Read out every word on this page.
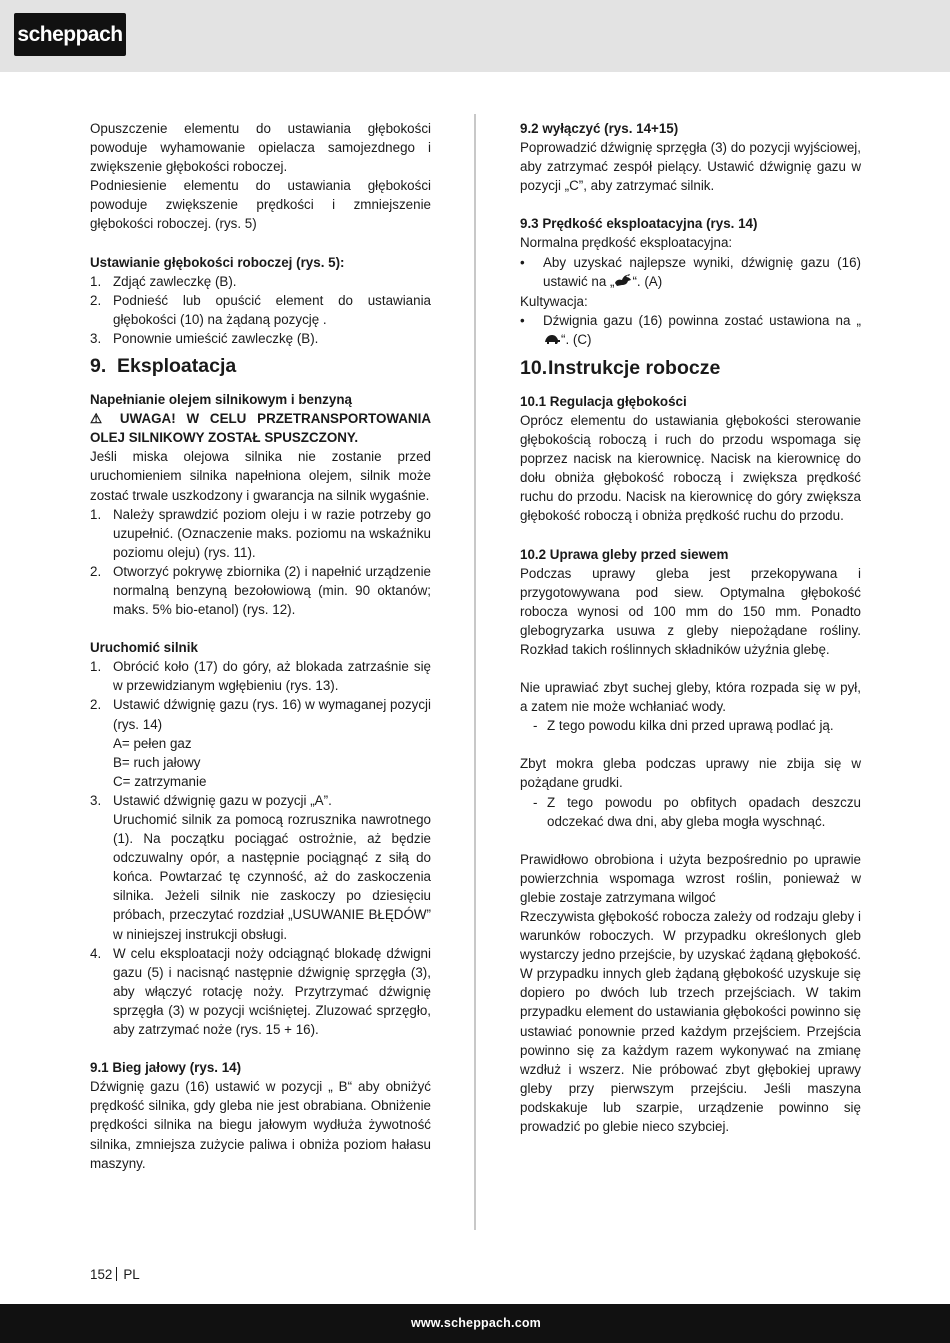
scheppach

Opuszczenie elementu do ustawiania głębokości powoduje wyhamowanie opielacza samojezdnego i zwiększenie głębokości roboczej.

Podniesienie elementu do ustawiania głębokości powoduje zwiększenie prędkości i zmniejszenie głębokości roboczej. (rys. 5)

Ustawianie głębokości roboczej (rys. 5):

1. Zdjąć zawleczkę (B).
2. Podnieść lub opuścić element do ustawiania głębokości (10) na żądaną pozycję .
3. Ponownie umieścić zawleczkę (B).
9. Eksploatacja

Napełnianie olejem silnikowym i benzyną

⚠ UWAGA! W CELU PRZETRANSPORTOWANIA OLEJ SILNIKOWY ZOSTAŁ SPUSZCZONY.

Jeśli miska olejowa silnika nie zostanie przed uruchomieniem silnika napełniona olejem, silnik może zostać trwale uszkodzony i gwarancja na silnik wygaśnie.

1. Należy sprawdzić poziom oleju i w razie potrzeby go uzupełnić. (Oznaczenie maks. poziomu na wskaźniku poziomu oleju) (rys. 11).
2. Otworzyć pokrywę zbiornika (2) i napełnić urządzenie normalną benzyną bezołowiową (min. 90 oktanów; maks. 5% bio-etanol) (rys. 12).

Uruchomić silnik

1. Obrócić koło (17) do góry, aż blokada zatrzaśnie się w przewidzianym wgłębieniu (rys. 13).
2. Ustawić dźwignię gazu (rys. 16) w wymaganej pozycji (rys. 14)
A= pełen gaz
B= ruch jałowy
C= zatrzymanie
3. Ustawić dźwignię gazu w pozycji „A”.
Uruchomić silnik za pomocą rozrusznika nawrotnego (1). Na początku pociągać ostrożnie, aż będzie odczuwalny opór, a następnie pociągnąć z siłą do końca. Powtarzać tę czynność, aż do zaskoczenia silnika. Jeżeli silnik nie zaskoczy po dziesięciu próbach, przeczytać rozdział „USUWANIE BŁĘDÓW” w niniejszej instrukcji obsługi.
4. W celu eksploatacji noży odciągnąć blokadę dźwigni gazu (5) i nacisnąć następnie dźwignię sprzęgła (3), aby włączyć rotację noży. Przytrzymać dźwignię sprzęgła (3) w pozycji wciśniętej. Zluzować sprzęgło, aby zatrzymać noże (rys. 15 + 16).

9.1 Bieg jałowy (rys. 14)

Dźwignię gazu (16) ustawić w pozycji „ B“ aby obniżyć prędkość silnika, gdy gleba nie jest obrabiana. Obniżenie prędkości silnika na biegu jałowym wydłuża żywotność silnika, zmniejsza zużycie paliwa i obniża poziom hałasu maszyny.

9.2 wyłączyć (rys. 14+15)

Poprowadzić dźwignię sprzęgła (3) do pozycji wyjściowej, aby zatrzymać zespół pielący. Ustawić dźwignię gazu w pozycji „C”, aby zatrzymać silnik.

9.3 Prędkość eksploatacyjna (rys. 14)

Normalna prędkość eksploatacyjna:

• Aby uzyskać najlepsze wyniki, dźwignię gazu (16) ustawić na „ “. (A)

Kultywacja:

• Dźwignia gazu (16) powinna zostać ustawiona na „“. (C)
10.Instrukcje robocze

10.1 Regulacja głębokości

Oprócz elementu do ustawiania głębokości sterowanie głębokością roboczą i ruch do przodu wspomaga się poprzez nacisk na kierownicę. Nacisk na kierownicę do dołu obniża głębokość roboczą i zwiększa prędkość ruchu do przodu. Nacisk na kierownicę do góry zwiększa głębokość roboczą i obniża prędkość ruchu do przodu.

10.2 Uprawa gleby przed siewem

Podczas uprawy gleba jest przekopywana i przygotowywana pod siew. Optymalna głębokość robocza wynosi od 100 mm do 150 mm. Ponadto glebogryzarka usuwa z gleby niepożądane rośliny. Rozkład takich roślinnych składników użyźnia glebę.

Nie uprawiać zbyt suchej gleby, która rozpada się w pył, a zatem nie może wchłaniać wody.

- Z tego powodu kilka dni przed uprawą podlać ją.

Zbyt mokra gleba podczas uprawy nie zbija się w pożądane grudki.

- Z tego powodu po obfitych opadach deszczu odczekać dwa dni, aby gleba mogła wyschnąć.

Prawidłowo obrobiona i użyta bezpośrednio po uprawie powierzchnia wspomaga wzrost roślin, ponieważ w glebie zostaje zatrzymana wilgoć

Rzeczywista głębokość robocza zależy od rodzaju gleby i warunków roboczych. W przypadku określonych gleb wystarczy jedno przejście, by uzyskać żądaną głębokość. W przypadku innych gleb żądaną głębokość uzyskuje się dopiero po dwóch lub trzech przejściach. W takim przypadku element do ustawiania głębokości powinno się ustawiać ponownie przed każdym przejściem. Przejścia powinno się za każdym razem wykonywać na zmianę wzdłuż i wszerz. Nie próbować zbyt głębokiej uprawy gleby przy pierwszym przejściu. Jeśli maszyna podskakuje lub szarpie, urządzenie powinno się prowadzić po glebie nieco szybciej.

152 PL
www.scheppach.com
